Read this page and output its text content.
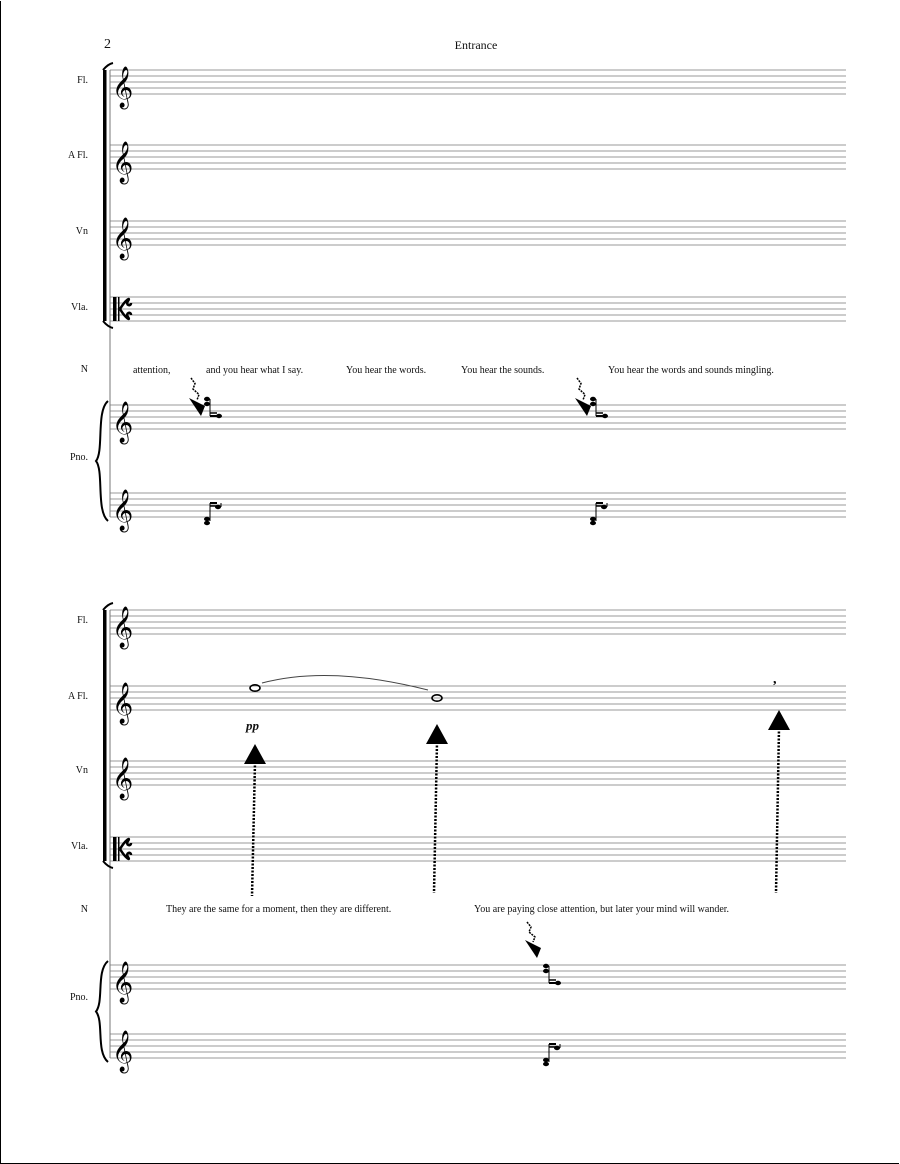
2	Entrance
Fl.
A Fl.
Vn
Vla.
N
Pno.
attention,	and you hear what I say.	You hear the words.	You hear the sounds.	You hear the words and sounds mingling.
Fl.
A Fl.
Vn
Vla.
N
Pno.
They are the same for a moment, then they are different.	You are paying close attention, but later your mind will wander.
pp
𝄞
𝄞
𝄞
𝄞
𝄞
𝄞
𝄞
𝄞
𝄞
𝄞
,
